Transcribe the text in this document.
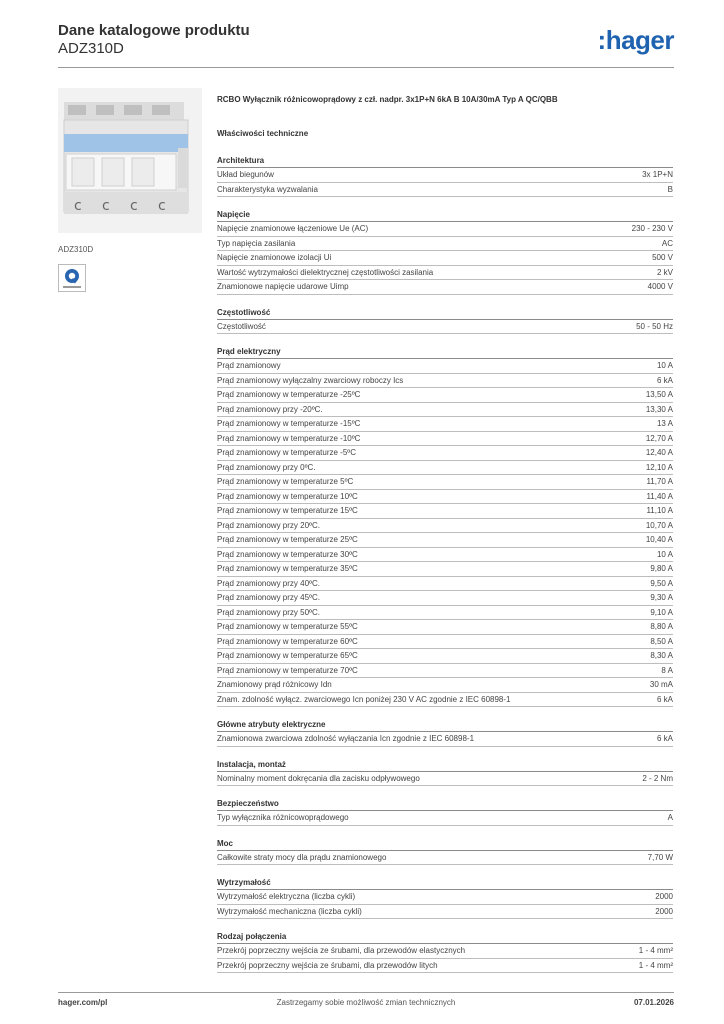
Dane katalogowe produktu
ADZ310D	:hager
c c c c
ADZ310D

RCBO Wyłącznik różnicowoprądowy z czł. nadpr. 3x1P+N 6kA B 10A/30mA Typ A QC/QBB

Właściwości techniczne

Architektura
Układ biegunów	3x 1P+N
Charakterystyka wyzwalania	B
Napięcie
Napięcie znamionowe łączeniowe Ue (AC)	230 - 230 V
Typ napięcia zasilania	AC
Napięcie znamionowe izolacji Ui	500 V
Wartość wytrzymałości dielektrycznej częstotliwości zasilania	2 kV
Znamionowe napięcie udarowe Uimp	4000 V
Częstotliwość
Częstotliwość	50 - 50 Hz
Prąd elektryczny
Prąd znamionowy	10 A
Prąd znamionowy wyłączalny zwarciowy roboczy Ics	6 kA
Prąd znamionowy w temperaturze -25ºC	13,50 A
Prąd znamionowy przy -20ºC.	13,30 A
Prąd znamionowy w temperaturze -15ºC	13 A
Prąd znamionowy w temperaturze -10ºC	12,70 A
Prąd znamionowy w temperaturze -5ºC	12,40 A
Prąd znamionowy przy 0ºC.	12,10 A
Prąd znamionowy w temperaturze 5ºC	11,70 A
Prąd znamionowy w temperaturze 10ºC	11,40 A
Prąd znamionowy w temperaturze 15ºC	11,10 A
Prąd znamionowy przy 20ºC.	10,70 A
Prąd znamionowy w temperaturze 25ºC	10,40 A
Prąd znamionowy w temperaturze 30ºC	10 A
Prąd znamionowy w temperaturze 35ºC	9,80 A
Prąd znamionowy przy 40ºC.	9,50 A
Prąd znamionowy przy 45ºC.	9,30 A
Prąd znamionowy przy 50ºC.	9,10 A
Prąd znamionowy w temperaturze 55ºC	8,80 A
Prąd znamionowy w temperaturze 60ºC	8,50 A
Prąd znamionowy w temperaturze 65ºC	8,30 A
Prąd znamionowy w temperaturze 70ºC	8 A
Znamionowy prąd różnicowy Idn	30 mA
Znam. zdolność wyłącz. zwarciowego Icn poniżej 230 V AC zgodnie z IEC 60898-1	6 kA
Główne atrybuty elektryczne
Znamionowa zwarciowa zdolność wyłączania Icn zgodnie z IEC 60898-1	6 kA
Instalacja, montaż
Nominalny moment dokręcania dla zacisku odpływowego	2 - 2 Nm
Bezpieczeństwo
Typ wyłącznika różnicowoprądowego	A
Moc
Całkowite straty mocy dla prądu znamionowego	7,70 W
Wytrzymałość
Wytrzymałość elektryczna (liczba cykli)	2000
Wytrzymałość mechaniczna (liczba cykli)	2000
Rodzaj połączenia
Przekrój poprzeczny wejścia ze śrubami, dla przewodów elastycznych	1 - 4 mm²
Przekrój poprzeczny wejścia ze śrubami, dla przewodów litych	1 - 4 mm²
hager.com/pl	Zastrzegamy sobie możliwość zmian technicznych	07.01.2026
